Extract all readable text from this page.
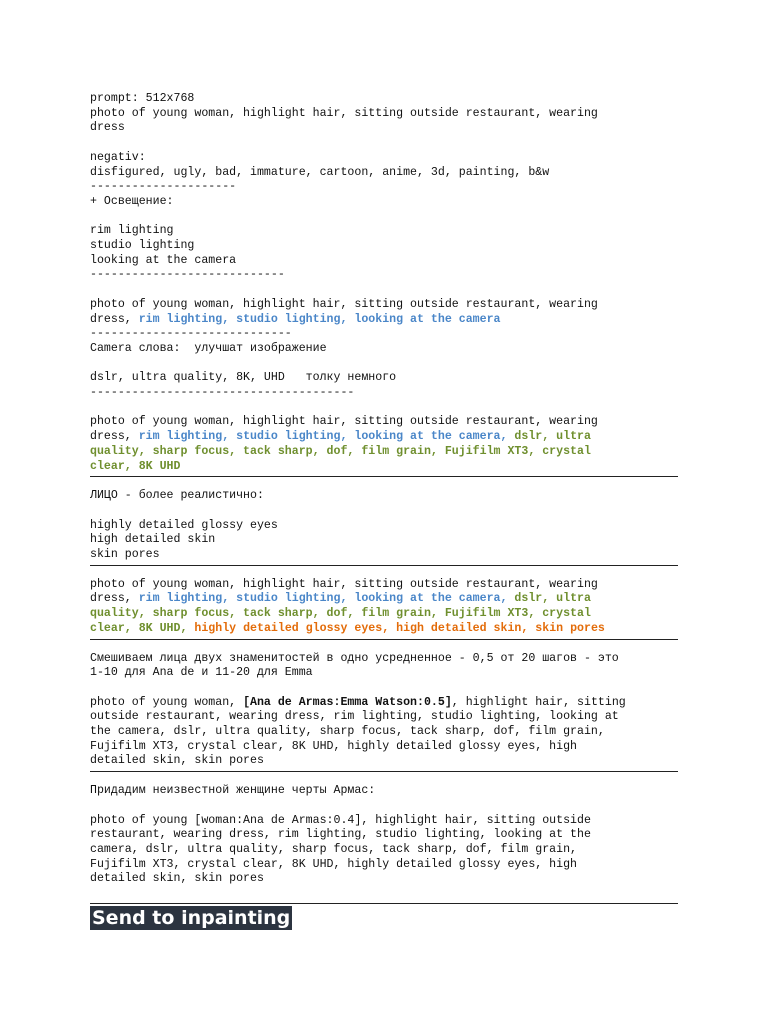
prompt: 512x768
photo of young woman, highlight hair, sitting outside restaurant, wearing
dress
negativ:
disfigured, ugly, bad, immature, cartoon, anime, 3d, painting, b&w
---------------------
+ Освещение:
rim lighting
studio lighting
looking at the camera
----------------------------
photo of young woman, highlight hair, sitting outside restaurant, wearing
dress, rim lighting, studio lighting, looking at the camera
-----------------------------
Camera слова:  улучшат изображение
dslr, ultra quality, 8K, UHD   толку немного
--------------------------------------
photo of young woman, highlight hair, sitting outside restaurant, wearing
dress, rim lighting, studio lighting, looking at the camera, dslr, ultra
quality, sharp focus, tack sharp, dof, film grain, Fujifilm XT3, crystal
clear, 8K UHD
ЛИЦО - более реалистично:
highly detailed glossy eyes
high detailed skin
skin pores
photo of young woman, highlight hair, sitting outside restaurant, wearing
dress, rim lighting, studio lighting, looking at the camera, dslr, ultra
quality, sharp focus, tack sharp, dof, film grain, Fujifilm XT3, crystal
clear, 8K UHD, highly detailed glossy eyes, high detailed skin, skin pores
Смешиваем лица двух знаменитостей в одно усредненное - 0,5 от 20 шагов - это
1-10 для Ana de и 11-20 для Emma
photo of young woman, [Ana de Armas:Emma Watson:0.5], highlight hair, sitting
outside restaurant, wearing dress, rim lighting, studio lighting, looking at
the camera, dslr, ultra quality, sharp focus, tack sharp, dof, film grain,
Fujifilm XT3, crystal clear, 8K UHD, highly detailed glossy eyes, high
detailed skin, skin pores
Придадим неизвестной женщине черты Армас:
photo of young [woman:Ana de Armas:0.4], highlight hair, sitting outside
restaurant, wearing dress, rim lighting, studio lighting, looking at the
camera, dslr, ultra quality, sharp focus, tack sharp, dof, film grain,
Fujifilm XT3, crystal clear, 8K UHD, highly detailed glossy eyes, high
detailed skin, skin pores
Send to inpainting
